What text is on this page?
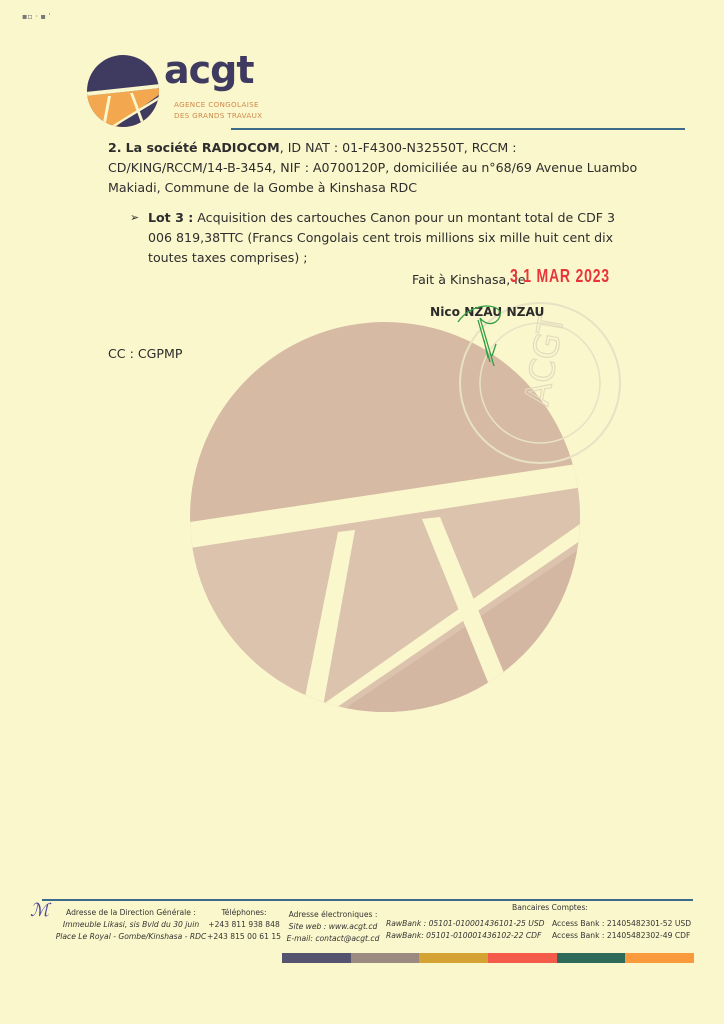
▪▫ · ▪ ˈ
acgt
AGENCE CONGOLAISE
DES GRANDS TRAVAUX
ACGT
2. La société RADIOCOM, ID NAT : 01-F4300-N32550T, RCCM : CD/KING/RCCM/14-B-3454, NIF : A0700120P, domiciliée au n°68/69 Avenue Luambo Makiadi, Commune de la Gombe à Kinshasa RDC
➢ Lot 3 : Acquisition des cartouches Canon pour un montant total de CDF 3 006 819,38TTC (Francs Congolais cent trois millions six mille huit cent dix toutes taxes comprises) ;
Fait à Kinshasa, le
3 1 MAR 2023
Nico NZAU NZAU
CC : CGPMP
ℳ	Adresse de la Direction Générale :
Immeuble Likasi, sis Bvld du 30 juin
Place Le Royal - Gombe/Kinshasa - RDC
Téléphones:
+243 811 938 848
+243 815 00 61 15
Adresse électroniques :
Site web : www.acgt.cd
E-mail: contact@acgt.cd
Bancaires Comptes:
RawBank : 05101-010001436101-25 USD Access Bank : 21405482301-52 USD
RawBank: 05101-010001436102-22 CDF Access Bank : 21405482302-49 CDF
